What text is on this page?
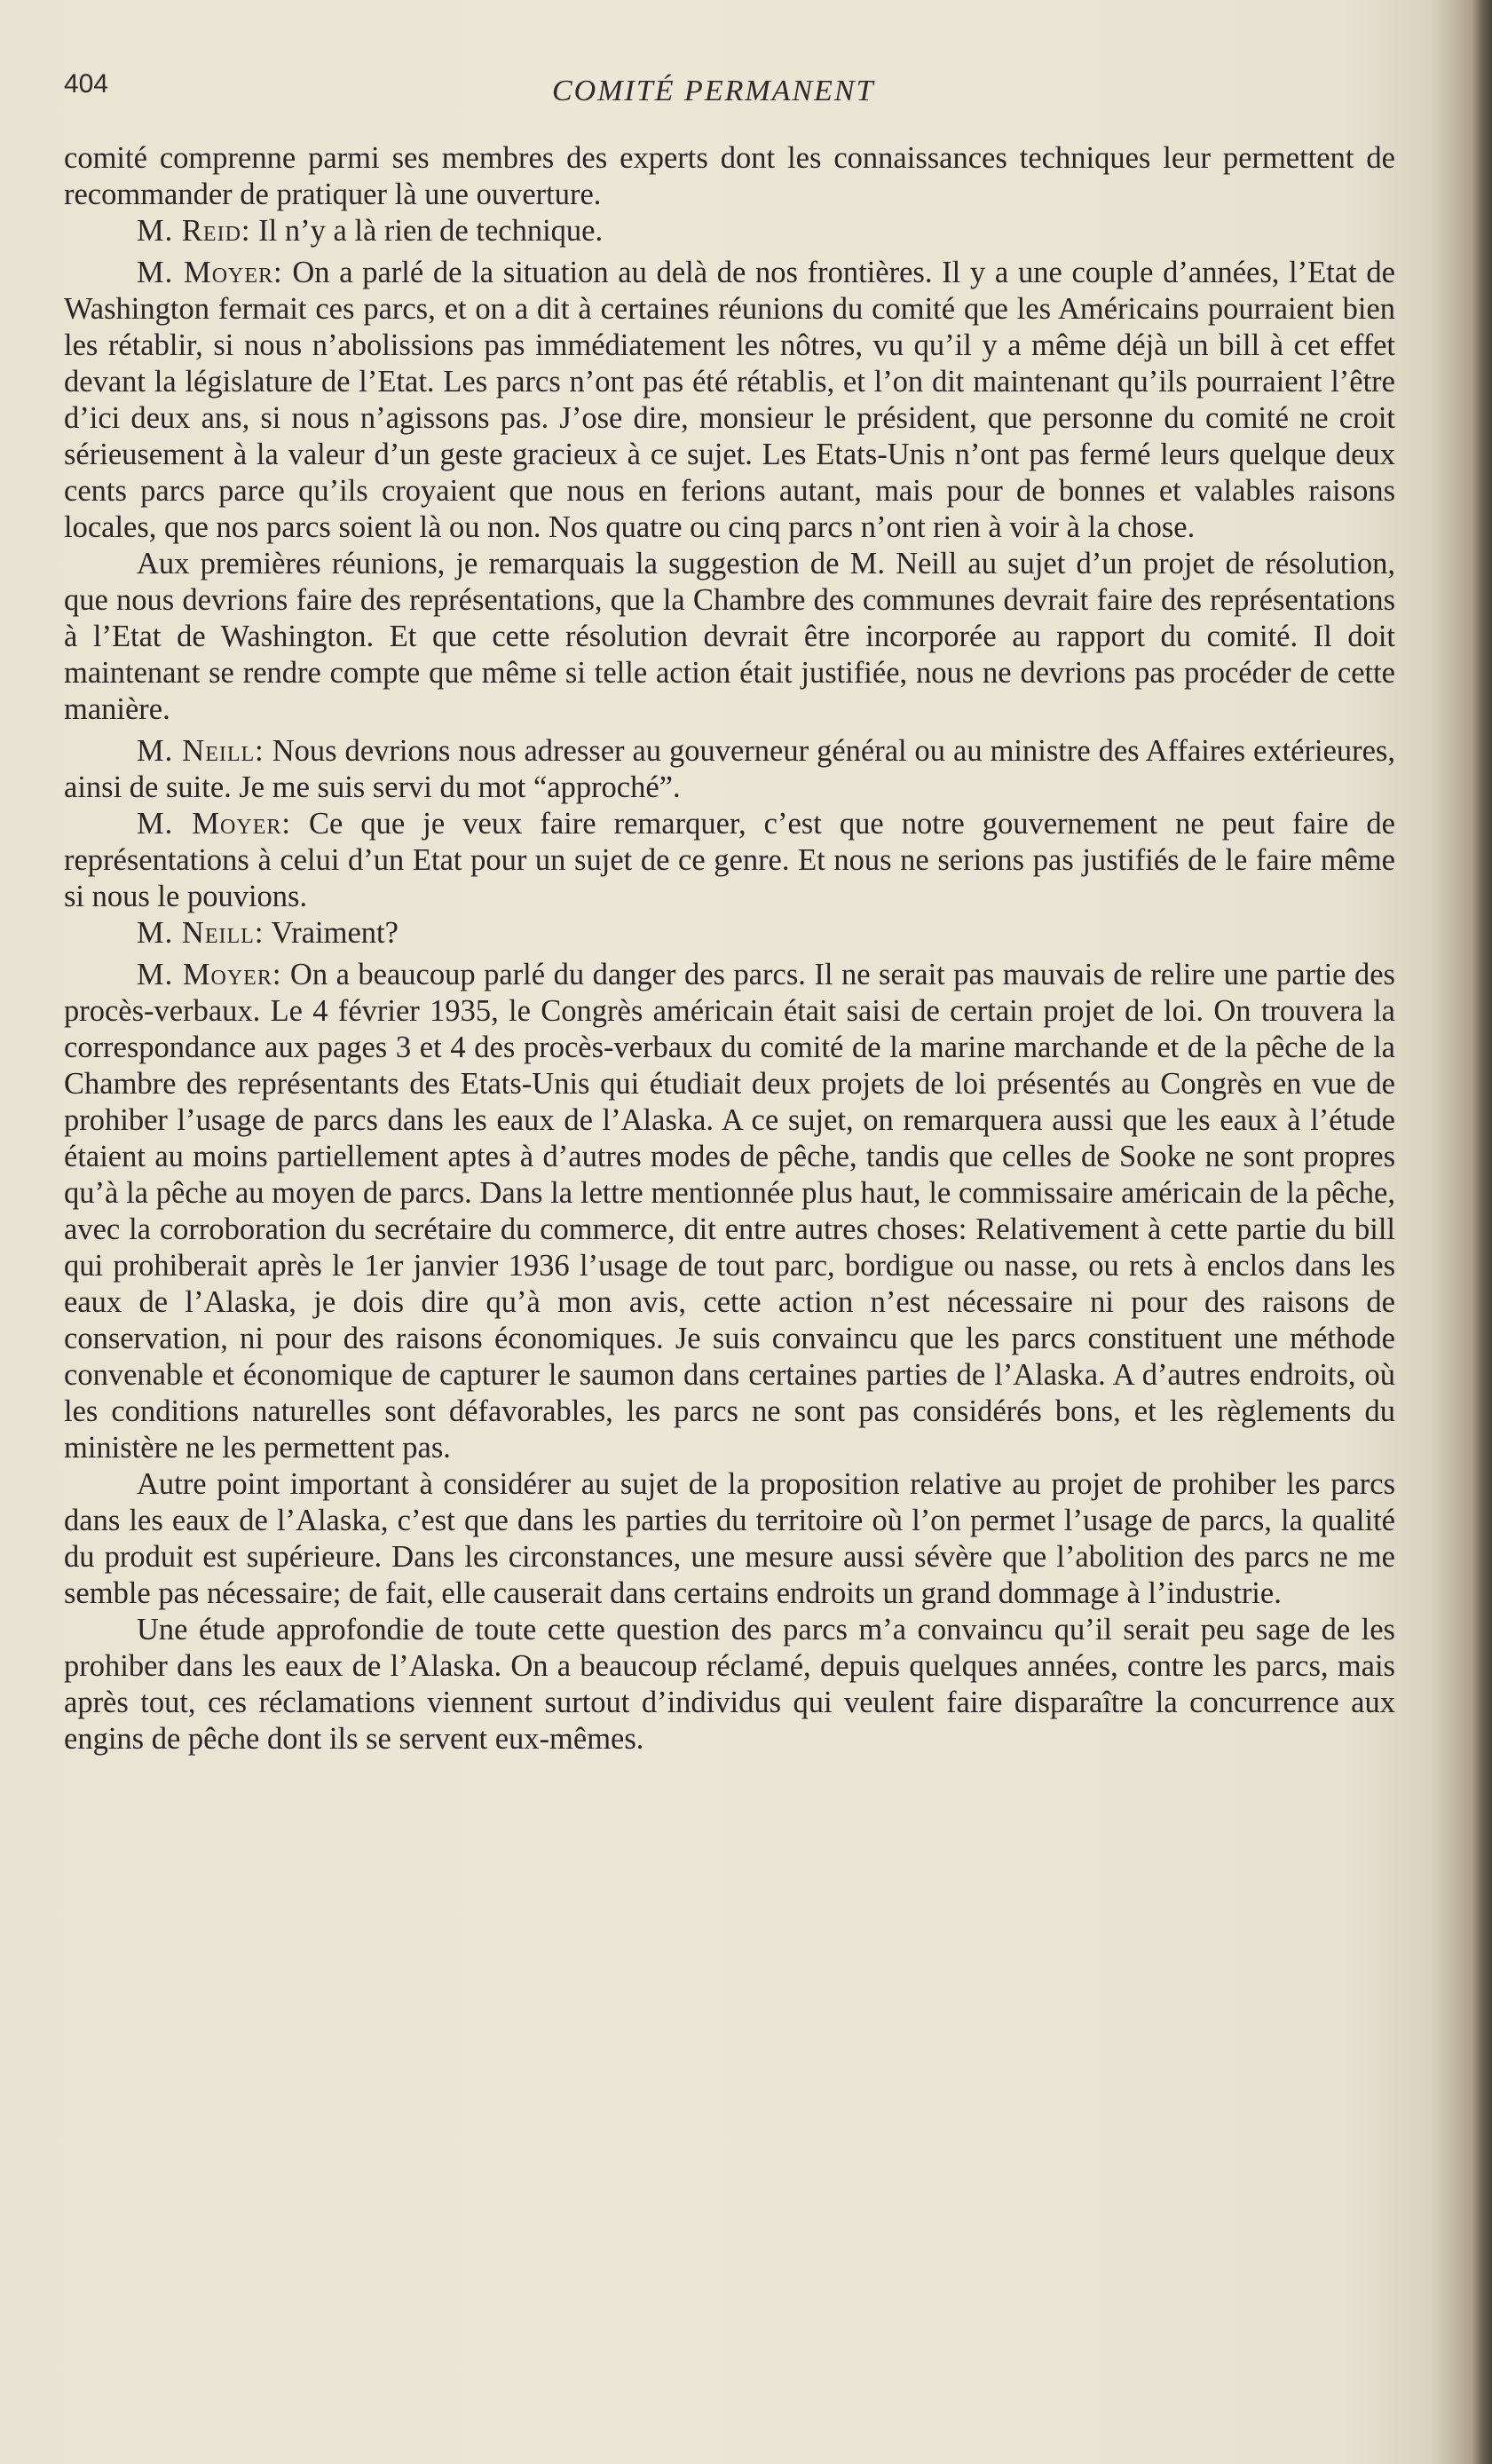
404	COMITÉ PERMANENT

comité comprenne parmi ses membres des experts dont les connaissances techniques leur permettent de recommander de pratiquer là une ouverture.

M. Reid: Il n’y a là rien de technique.

M. Moyer: On a parlé de la situation au delà de nos frontières. Il y a une couple d’années, l’Etat de Washington fermait ces parcs, et on a dit à certaines réunions du comité que les Américains pourraient bien les rétablir, si nous n’abolissions pas immédiatement les nôtres, vu qu’il y a même déjà un bill à cet effet devant la législature de l’Etat. Les parcs n’ont pas été rétablis, et l’on dit maintenant qu’ils pourraient l’être d’ici deux ans, si nous n’agissons pas. J’ose dire, monsieur le président, que personne du comité ne croit sérieusement à la valeur d’un geste gracieux à ce sujet. Les Etats-Unis n’ont pas fermé leurs quelque deux cents parcs parce qu’ils croyaient que nous en ferions autant, mais pour de bonnes et valables raisons locales, que nos parcs soient là ou non. Nos quatre ou cinq parcs n’ont rien à voir à la chose.

Aux premières réunions, je remarquais la suggestion de M. Neill au sujet d’un projet de résolution, que nous devrions faire des représentations, que la Chambre des communes devrait faire des représentations à l’Etat de Washington. Et que cette résolution devrait être incorporée au rapport du comité. Il doit maintenant se rendre compte que même si telle action était justifiée, nous ne devrions pas procéder de cette manière.

M. Neill: Nous devrions nous adresser au gouverneur général ou au ministre des Affaires extérieures, ainsi de suite. Je me suis servi du mot “approché”.

M. Moyer: Ce que je veux faire remarquer, c’est que notre gouvernement ne peut faire de représentations à celui d’un Etat pour un sujet de ce genre. Et nous ne serions pas justifiés de le faire même si nous le pouvions.

M. Neill: Vraiment?

M. Moyer: On a beaucoup parlé du danger des parcs. Il ne serait pas mauvais de relire une partie des procès-verbaux. Le 4 février 1935, le Congrès américain était saisi de certain projet de loi. On trouvera la correspondance aux pages 3 et 4 des procès-verbaux du comité de la marine marchande et de la pêche de la Chambre des représentants des Etats-Unis qui étudiait deux projets de loi présentés au Congrès en vue de prohiber l’usage de parcs dans les eaux de l’Alaska. A ce sujet, on remarquera aussi que les eaux à l’étude étaient au moins partiellement aptes à d’autres modes de pêche, tandis que celles de Sooke ne sont propres qu’à la pêche au moyen de parcs. Dans la lettre mentionnée plus haut, le commissaire américain de la pêche, avec la corroboration du secrétaire du commerce, dit entre autres choses: Relativement à cette partie du bill qui prohiberait après le 1er janvier 1936 l’usage de tout parc, bordigue ou nasse, ou rets à enclos dans les eaux de l’Alaska, je dois dire qu’à mon avis, cette action n’est nécessaire ni pour des raisons de conservation, ni pour des raisons économiques. Je suis convaincu que les parcs constituent une méthode convenable et économique de capturer le saumon dans certaines parties de l’Alaska. A d’autres endroits, où les conditions naturelles sont défavorables, les parcs ne sont pas considérés bons, et les règlements du ministère ne les permettent pas.

Autre point important à considérer au sujet de la proposition relative au projet de prohiber les parcs dans les eaux de l’Alaska, c’est que dans les parties du territoire où l’on permet l’usage de parcs, la qualité du produit est supérieure. Dans les circonstances, une mesure aussi sévère que l’abolition des parcs ne me semble pas nécessaire; de fait, elle causerait dans certains endroits un grand dommage à l’industrie.

Une étude approfondie de toute cette question des parcs m’a convaincu qu’il serait peu sage de les prohiber dans les eaux de l’Alaska. On a beaucoup réclamé, depuis quelques années, contre les parcs, mais après tout, ces réclamations viennent surtout d’individus qui veulent faire disparaître la concurrence aux engins de pêche dont ils se servent eux-mêmes.
